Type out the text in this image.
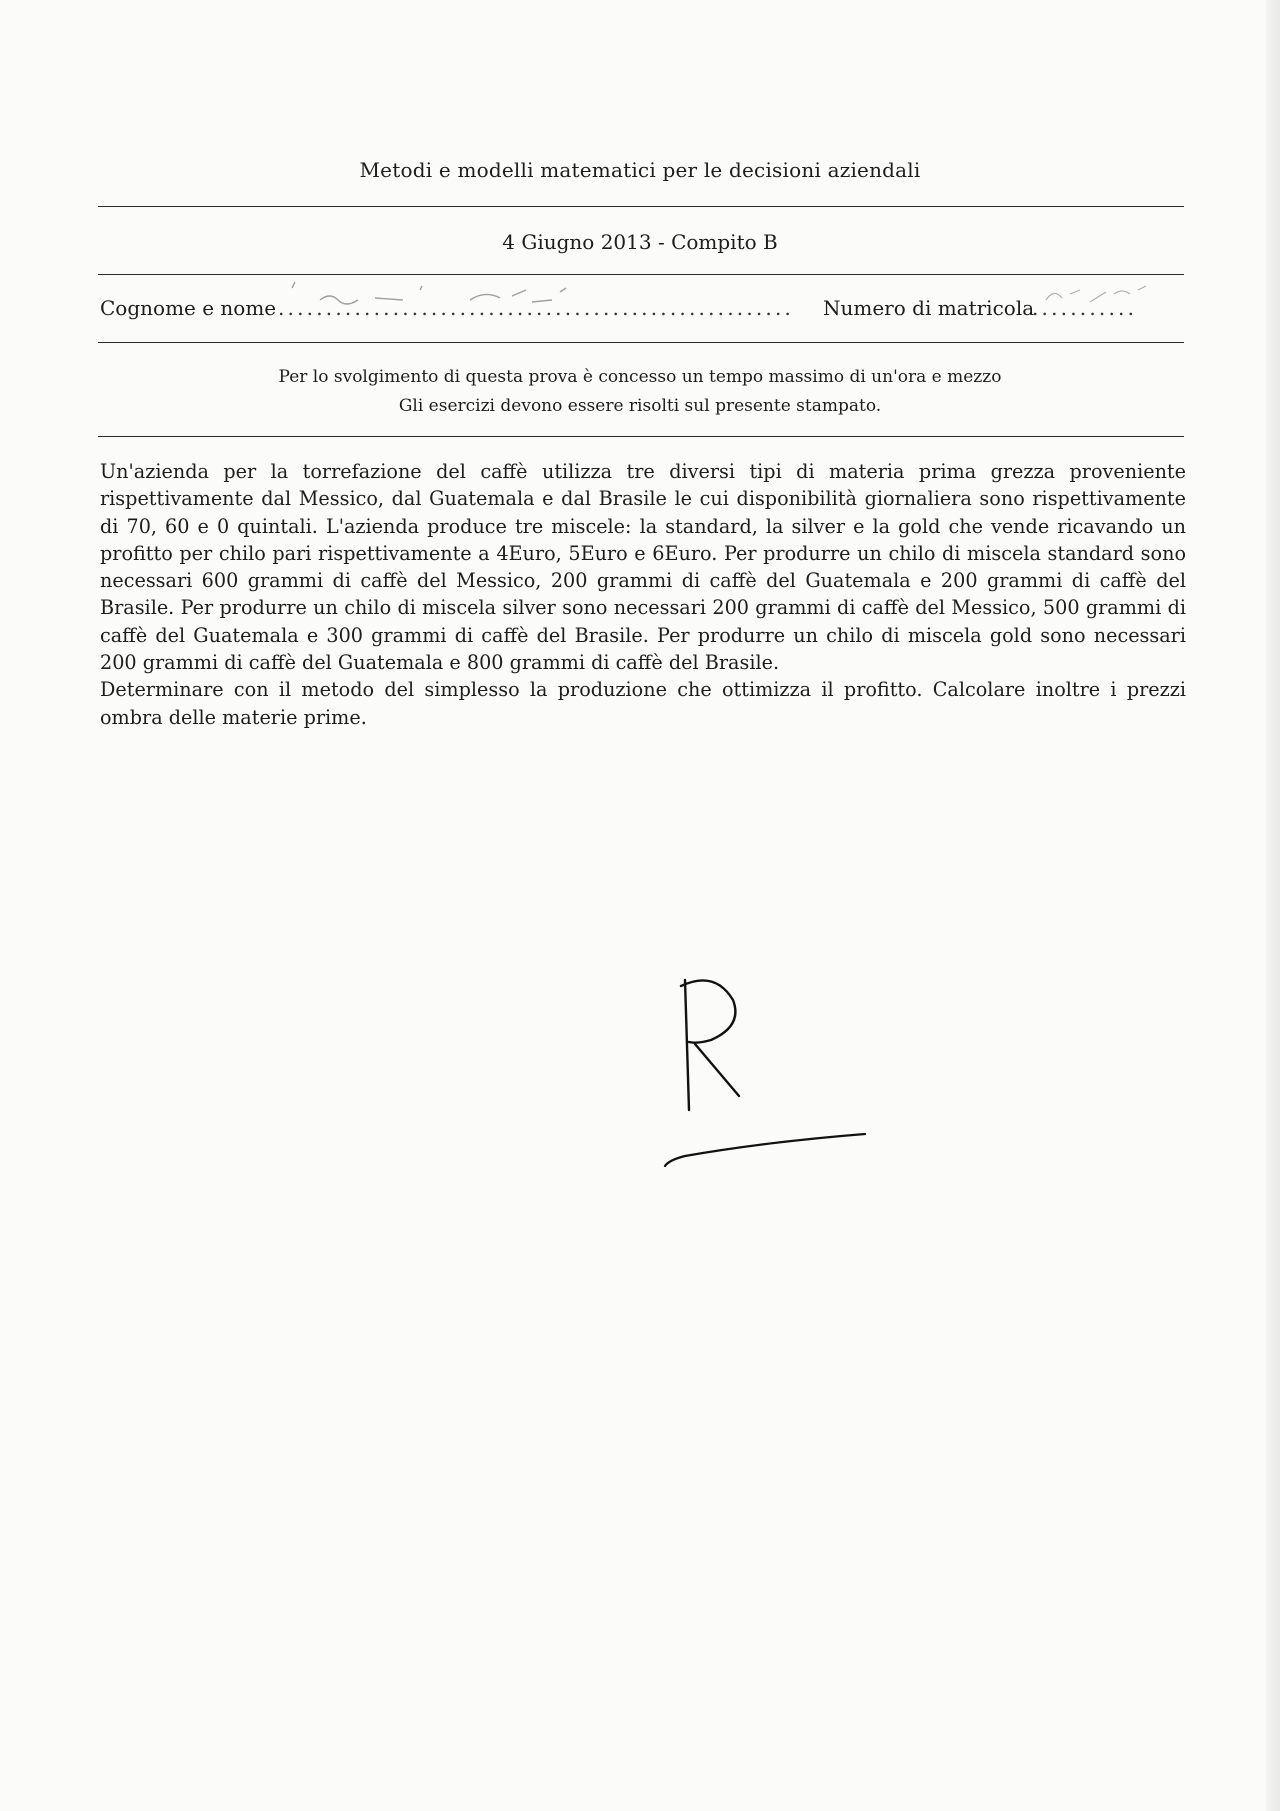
Metodi e modelli matematici per le decisioni aziendali
4 Giugno 2013 - Compito B
Cognome e nome ...................................................... Numero di matricola
...........
Per lo svolgimento di questa prova è concesso un tempo massimo di un'ora e mezzo
Gli esercizi devono essere risolti sul presente stampato.

Un'azienda per la torrefazione del caffè utilizza tre diversi tipi di materia prima grezza proveniente rispettivamente dal Messico, dal Guatemala e dal Brasile le cui disponibilità giornaliera sono rispettivamente di 70, 60 e 0 quintali. L'azienda produce tre miscele: la standard, la silver e la gold che vende ricavando un profitto per chilo pari rispettivamente a 4Euro, 5Euro e 6Euro. Per produrre un chilo di miscela standard sono necessari 600 grammi di caffè del Messico, 200 grammi di caffè del Guatemala e 200 grammi di caffè del Brasile. Per produrre un chilo di miscela silver sono necessari 200 grammi di caffè del Messico, 500 grammi di caffè del Guatemala e 300 grammi di caffè del Brasile. Per produrre un chilo di miscela gold sono necessari 200 grammi di caffè del Guatemala e 800 grammi di caffè del Brasile.

Determinare con il metodo del simplesso la produzione che ottimizza il profitto. Calcolare inoltre i prezzi ombra delle materie prime.
